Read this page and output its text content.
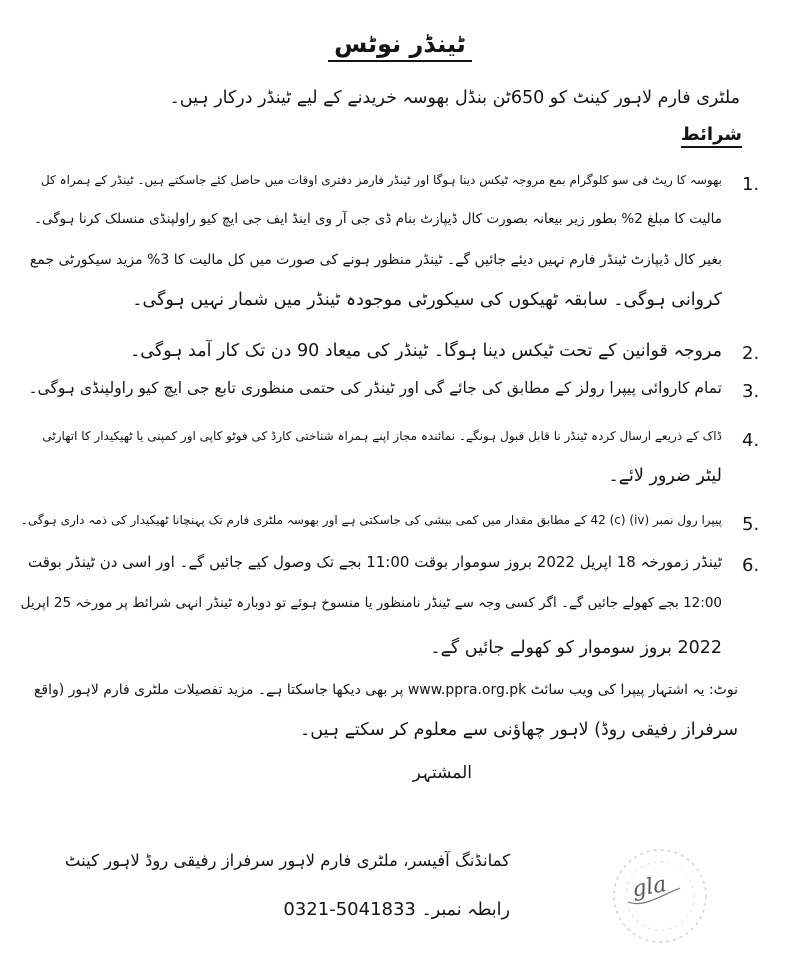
ٹینڈر نوٹس
ملٹری فارم لاہور کینٹ کو 650ٹن بنڈل بھوسہ خریدنے کے لیے ٹینڈر درکار ہیں۔
شرائط
1.
بھوسہ کا ریٹ فی سو کلوگرام بمع مروجہ ٹیکس دینا ہوگا اور ٹینڈر فارمز دفتری اوقات میں حاصل کئے جاسکتے ہیں۔ ٹینڈر کے ہمراہ کل
مالیت کا مبلغ 2% بطور زیر بیعانہ بصورت کال ڈیپازٹ بنام ڈی جی آر وی اینڈ ایف جی ایچ کیو راولپنڈی منسلک کرنا ہوگی۔
بغیر کال ڈیپازٹ ٹینڈر فارم نہیں دیئے جائیں گے۔ ٹینڈر منظور ہونے کی صورت میں کل مالیت کا 3% مزید سیکورٹی جمع
کروانی ہوگی۔ سابقہ ٹھیکوں کی سیکورٹی موجودہ ٹینڈر میں شمار نہیں ہوگی۔
2.
مروجہ قوانین کے تحت ٹیکس دینا ہوگا۔ ٹینڈر کی میعاد 90 دن تک کار آمد ہوگی۔
3.
تمام کاروائی پیپرا رولز کے مطابق کی جائے گی اور ٹینڈر کی حتمی منظوری تابع جی ایچ کیو راولپنڈی ہوگی۔
4.
ڈاک کے ذریعے ارسال کردہ ٹینڈر نا قابل قبول ہونگے۔ نمائندہ مجاز اپنے ہمراہ شناختی کارڈ کی فوٹو کاپی اور کمپنی یا ٹھیکیدار کا اتھارٹی
لیٹر ضرور لائے۔
5.
پیپرا رول نمبر (iv) (c) 42 کے مطابق مقدار میں کمی بیشی کی جاسکتی ہے اور بھوسہ ملٹری فارم تک پہنچانا ٹھیکیدار کی ذمہ داری ہوگی۔
6.
ٹینڈر زمورخہ 18 اپریل 2022 بروز سوموار بوقت 11:00 بجے تک وصول کیے جائیں گے۔ اور اسی دن ٹینڈر بوقت
12:00 بجے کھولے جائیں گے۔ اگر کسی وجہ سے ٹینڈر نامنظور یا منسوخ ہوئے تو دوبارہ ٹینڈر انہی شرائط پر مورخہ 25 اپریل
2022 بروز سوموار کو کھولے جائیں گے۔
نوٹ: یہ اشتہار پیپرا کی ویب سائٹ www.ppra.org.pk پر بھی دیکھا جاسکتا ہے۔ مزید تفصیلات ملٹری فارم لاہور (واقع
سرفراز رفیقی روڈ) لاہور چھاؤنی سے معلوم کر سکتے ہیں۔
المشتہر
کمانڈنگ آفیسر، ملٹری فارم لاہور سرفراز رفیقی روڈ لاہور کینٹ
رابطہ نمبر۔ 0321-5041833
gla
